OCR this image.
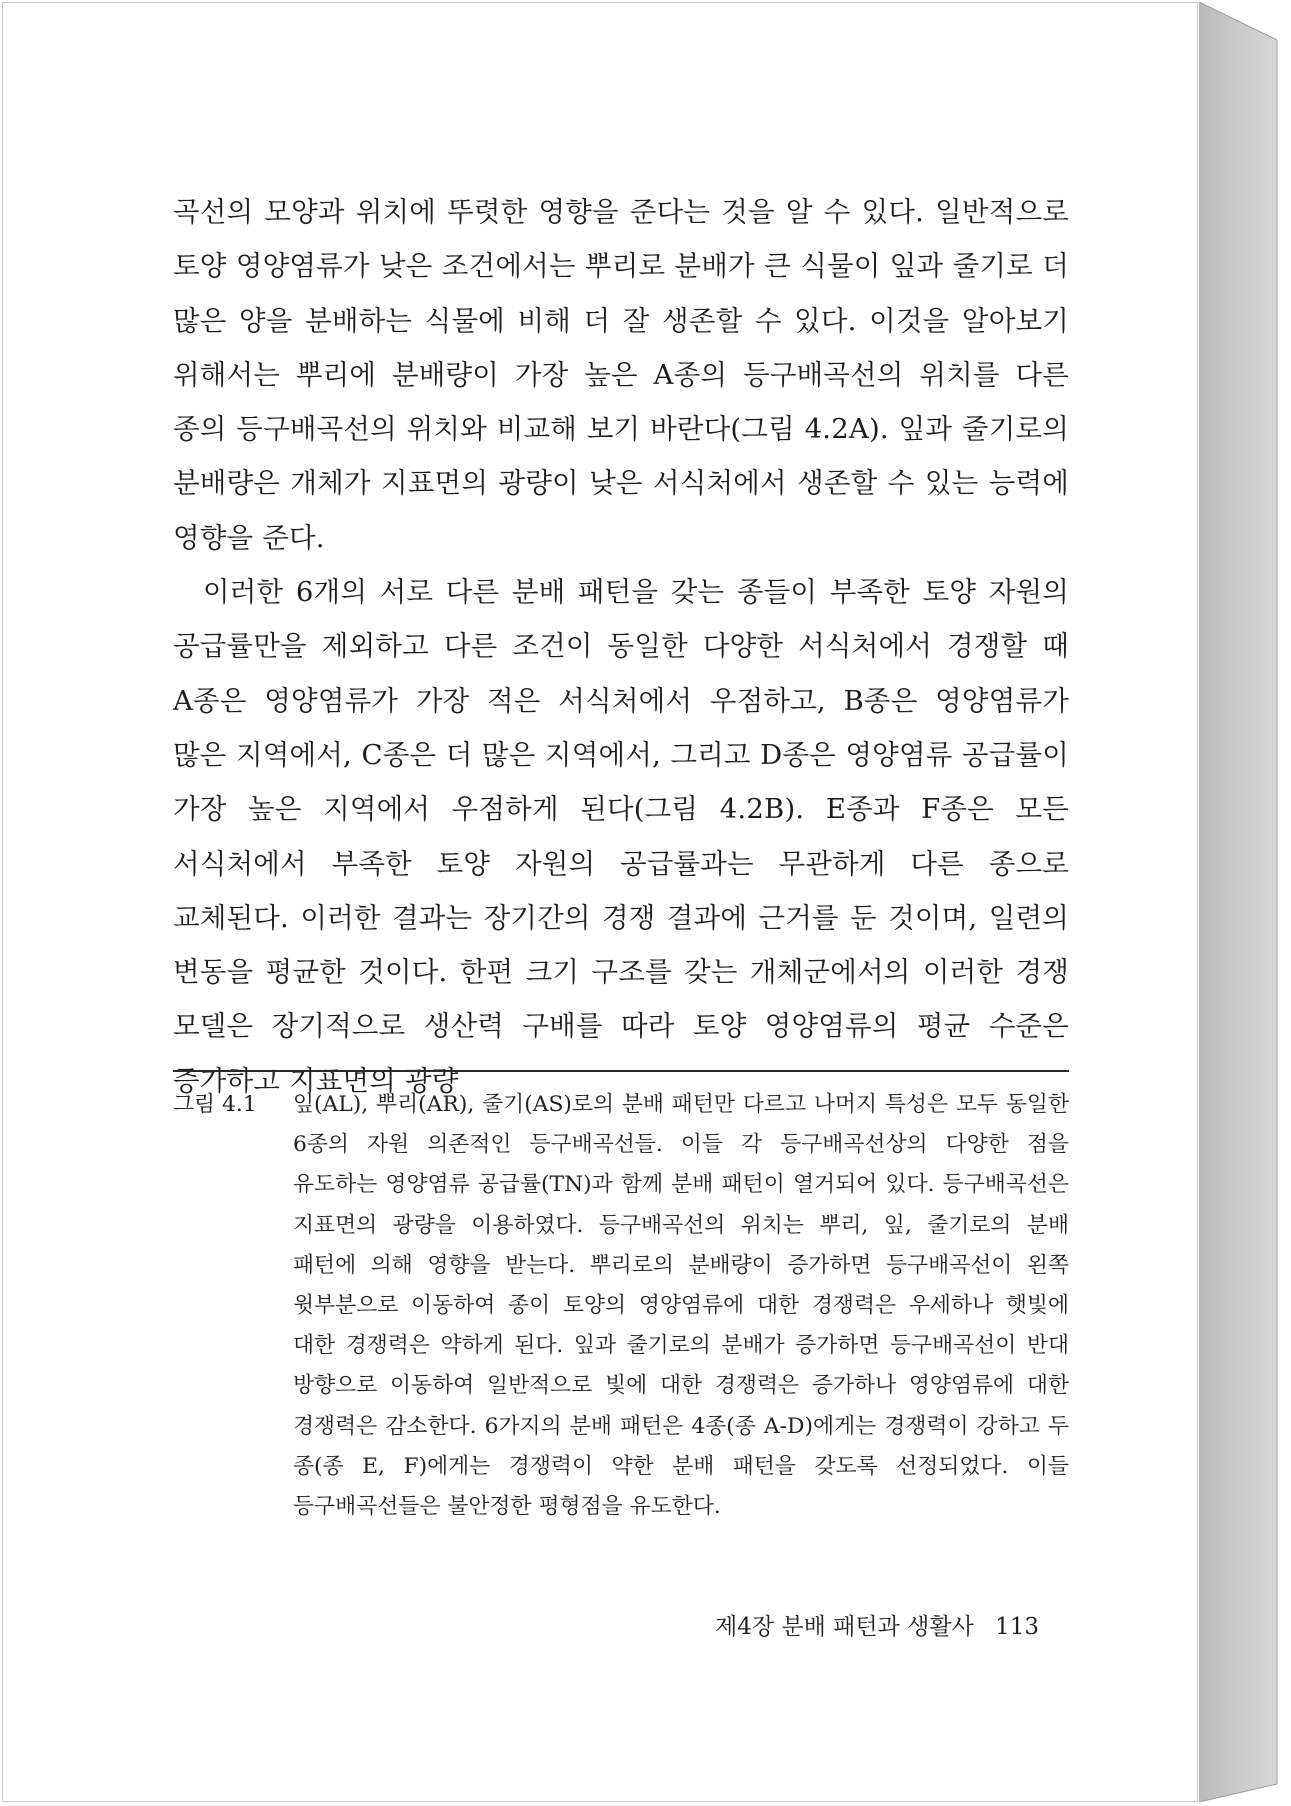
곡선의 모양과 위치에 뚜렷한 영향을 준다는 것을 알 수 있다. 일반적으로 토양 영양염류가 낮은 조건에서는 뿌리로 분배가 큰 식물이 잎과 줄기로 더 많은 양을 분배하는 식물에 비해 더 잘 생존할 수 있다. 이것을 알아보기 위해서는 뿌리에 분배량이 가장 높은 A종의 등구배곡선의 위치를 다른 종의 등구배곡선의 위치와 비교해 보기 바란다(그림 4.2A). 잎과 줄기로의 분배량은 개체가 지표면의 광량이 낮은 서식처에서 생존할 수 있는 능력에 영향을 준다.

이러한 6개의 서로 다른 분배 패턴을 갖는 종들이 부족한 토양 자원의 공급률만을 제외하고 다른 조건이 동일한 다양한 서식처에서 경쟁할 때 A종은 영양염류가 가장 적은 서식처에서 우점하고, B종은 영양염류가 많은 지역에서, C종은 더 많은 지역에서, 그리고 D종은 영양염류 공급률이 가장 높은 지역에서 우점하게 된다(그림 4.2B). E종과 F종은 모든 서식처에서 부족한 토양 자원의 공급률과는 무관하게 다른 종으로 교체된다. 이러한 결과는 장기간의 경쟁 결과에 근거를 둔 것이며, 일련의 변동을 평균한 것이다. 한편 크기 구조를 갖는 개체군에서의 이러한 경쟁 모델은 장기적으로 생산력 구배를 따라 토양 영양염류의 평균 수준은 증가하고 지표면의 광량

그림 4.1	잎(AL), 뿌리(AR), 줄기(AS)로의 분배 패턴만 다르고 나머지 특성은 모두 동일한 6종의 자원 의존적인 등구배곡선들. 이들 각 등구배곡선상의 다양한 점을 유도하는 영양염류 공급률(TN)과 함께 분배 패턴이 열거되어 있다. 등구배곡선은 지표면의 광량을 이용하였다. 등구배곡선의 위치는 뿌리, 잎, 줄기로의 분배 패턴에 의해 영향을 받는다. 뿌리로의 분배량이 증가하면 등구배곡선이 왼쪽 윗부분으로 이동하여 종이 토양의 영양염류에 대한 경쟁력은 우세하나 햇빛에 대한 경쟁력은 약하게 된다. 잎과 줄기로의 분배가 증가하면 등구배곡선이 반대 방향으로 이동하여 일반적으로 빛에 대한 경쟁력은 증가하나 영양염류에 대한 경쟁력은 감소한다. 6가지의 분배 패턴은 4종(종 A-D)에게는 경쟁력이 강하고 두 종(종 E, F)에게는 경쟁력이 약한 분배 패턴을 갖도록 선정되었다. 이들 등구배곡선들은 불안정한 평형점을 유도한다.
제4장 분배 패턴과 생활사 113
